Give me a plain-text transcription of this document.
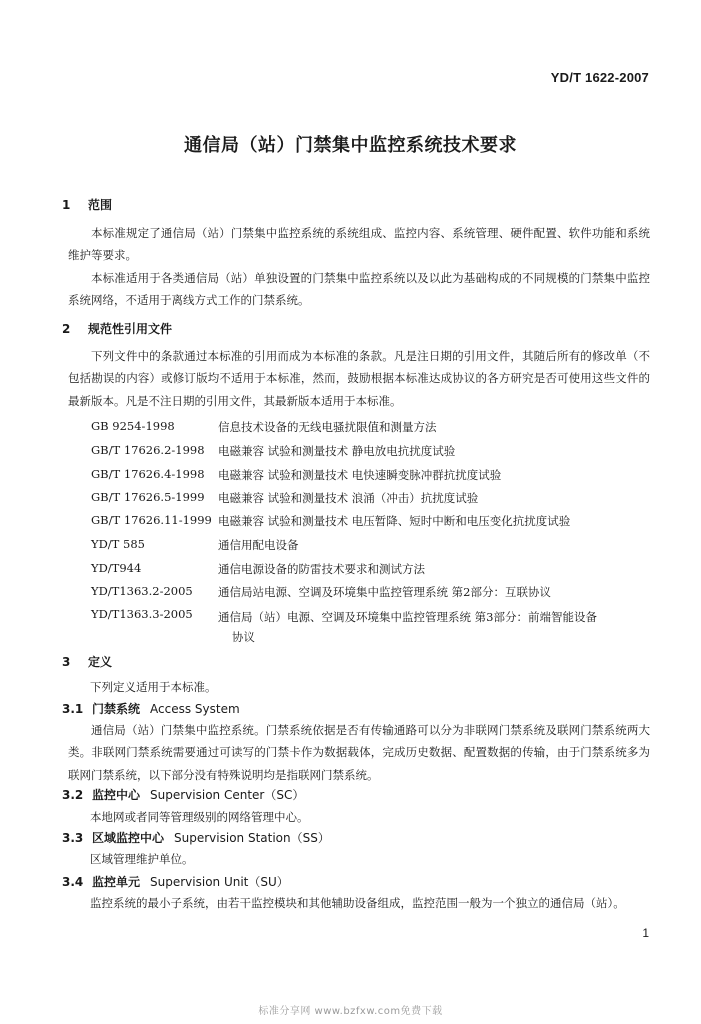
YD/T 1622-2007
通信局（站）门禁集中监控系统技术要求
1 范围
本标准规定了通信局（站）门禁集中监控系统的系统组成、监控内容、系统管理、硬件配置、软件功能和系统维护等要求。
本标准适用于各类通信局（站）单独设置的门禁集中监控系统以及以此为基础构成的不同规模的门禁集中监控系统网络，不适用于离线方式工作的门禁系统。
2 规范性引用文件
下列文件中的条款通过本标准的引用而成为本标准的条款。凡是注日期的引用文件，其随后所有的修改单（不包括勘误的内容）或修订版均不适用于本标准，然而，鼓励根据本标准达成协议的各方研究是否可使用这些文件的最新版本。凡是不注日期的引用文件，其最新版本适用于本标准。
GB 9254-1998	信息技术设备的无线电骚扰限值和测量方法
GB/T 17626.2-1998 电磁兼容 试验和测量技术 静电放电抗扰度试验
GB/T 17626.4-1998 电磁兼容 试验和测量技术 电快速瞬变脉冲群抗扰度试验
GB/T 17626.5-1999 电磁兼容 试验和测量技术 浪涌（冲击）抗扰度试验
GB/T 17626.11-1999 电磁兼容 试验和测量技术 电压暂降、短时中断和电压变化抗扰度试验
YD/T 585	通信用配电设备
YD/T944	通信电源设备的防雷技术要求和测试方法
YD/T1363.2-2005 通信局站电源、空调及环境集中监控管理系统 第2部分：互联协议
YD/T1363.3-2005 通信局（站）电源、空调及环境集中监控管理系统 第3部分：前端智能设备
协议
3 定义
下列定义适用于本标准。
3.1 门禁系统 Access System
通信局（站）门禁集中监控系统。门禁系统依据是否有传输通路可以分为非联网门禁系统及联网门禁系统两大类。非联网门禁系统需要通过可读写的门禁卡作为数据载体，完成历史数据、配置数据的传输，由于门禁系统多为联网门禁系统，以下部分没有特殊说明均是指联网门禁系统。
3.2 监控中心 Supervision Center（SC）
本地网或者同等管理级别的网络管理中心。
3.3 区域监控中心 Supervision Station（SS）
区域管理维护单位。
3.4 监控单元 Supervision Unit（SU）
监控系统的最小子系统，由若干监控模块和其他辅助设备组成，监控范围一般为一个独立的通信局（站）。
1
标准分享网 www.bzfxw.com免费下载
